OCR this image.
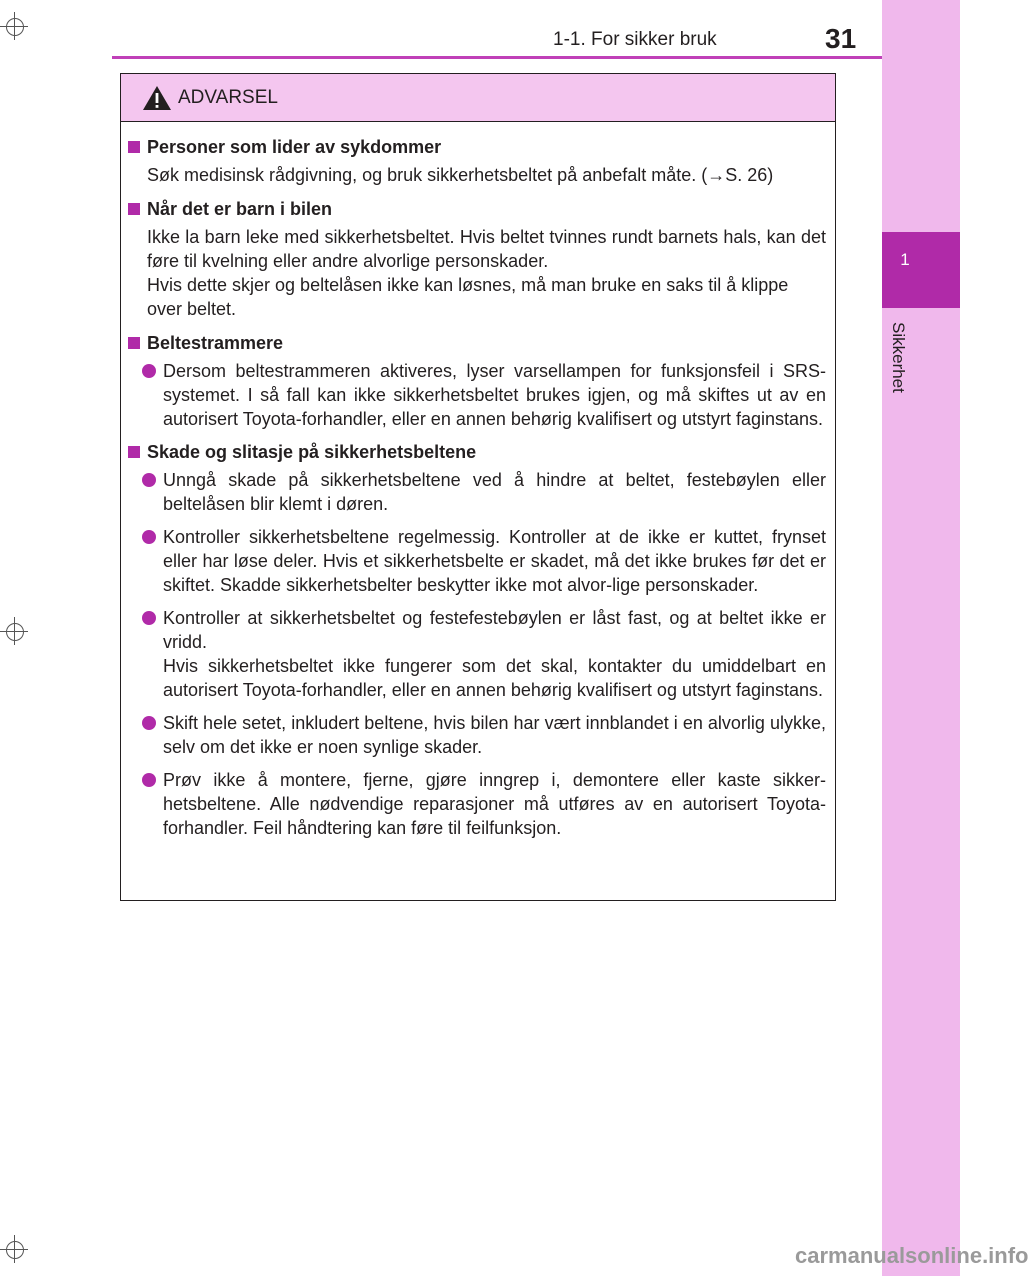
1-1. For sikker bruk	31
1
Sikkerhet
ADVARSEL
Personer som lider av sykdommer
Søk medisinsk rådgivning, og bruk sikkerhetsbeltet på anbefalt måte. (→S. 26)
Når det er barn i bilen
Ikke la barn leke med sikkerhetsbeltet. Hvis beltet tvinnes rundt barnets hals, kan det føre til kvelning eller andre alvorlige personskader.
Hvis dette skjer og beltelåsen ikke kan løsnes, må man bruke en saks til å klippe over beltet.
Beltestrammere
Dersom beltestrammeren aktiveres, lyser varsellampen for funksjonsfeil i SRS-systemet. I så fall kan ikke sikkerhetsbeltet brukes igjen, og må skiftes ut av en autorisert Toyota-forhandler, eller en annen behørig kvalifisert og utstyrt faginstans.
Skade og slitasje på sikkerhetsbeltene
Unngå skade på sikkerhetsbeltene ved å hindre at beltet, festebøylen eller beltelåsen blir klemt i døren.
Kontroller sikkerhetsbeltene regelmessig. Kontroller at de ikke er kuttet, frynset eller har løse deler. Hvis et sikkerhetsbelte er skadet, må det ikke brukes før det er skiftet. Skadde sikkerhetsbelter beskytter ikke mot alvor-lige personskader.
Kontroller at sikkerhetsbeltet og festefestebøylen er låst fast, og at beltet ikke er vridd.
Hvis sikkerhetsbeltet ikke fungerer som det skal, kontakter du umiddelbart en autorisert Toyota-forhandler, eller en annen behørig kvalifisert og utstyrt faginstans.
Skift hele setet, inkludert beltene, hvis bilen har vært innblandet i en alvorlig ulykke, selv om det ikke er noen synlige skader.
Prøv ikke å montere, fjerne, gjøre inngrep i, demontere eller kaste sikker-hetsbeltene. Alle nødvendige reparasjoner må utføres av en autorisert Toyota-forhandler. Feil håndtering kan føre til feilfunksjon.
carmanualsonline.info
